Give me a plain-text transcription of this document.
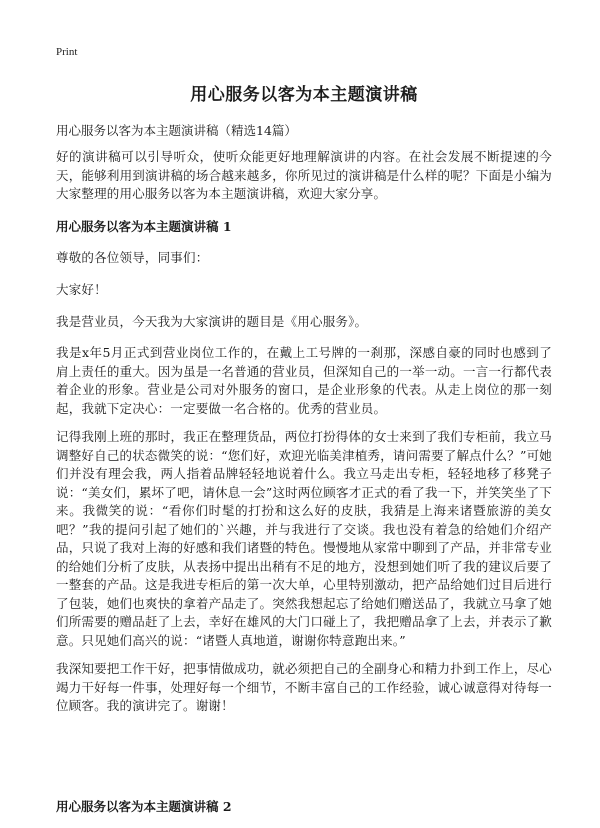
Print
用心服务以客为本主题演讲稿
用心服务以客为本主题演讲稿（精选14篇）

好的演讲稿可以引导听众，使听众能更好地理解演讲的内容。在社会发展不断提速的今天，能够利用到演讲稿的场合越来越多，你所见过的演讲稿是什么样的呢？下面是小编为大家整理的用心服务以客为本主题演讲稿，欢迎大家分享。

用心服务以客为本主题演讲稿 1

尊敬的各位领导，同事们：

大家好！

我是营业员，今天我为大家演讲的题目是《用心服务》。

我是x年5月正式到营业岗位工作的，在戴上工号牌的一刹那，深感自豪的同时也感到了肩上责任的重大。因为虽是一名普通的营业员，但深知自己的一举一动。一言一行都代表着企业的形象。营业是公司对外服务的窗口，是企业形象的代表。从走上岗位的那一刻起，我就下定决心：一定要做一名合格的。优秀的营业员。

记得我刚上班的那时，我正在整理货品，两位打扮得体的女士来到了我们专柜前，我立马调整好自己的状态微笑的说：“您们好，欢迎光临美津植秀，请问需要了解点什么？”可她们并没有理会我，两人指着品牌轻轻地说着什么。我立马走出专柜，轻轻地移了移凳子说：“美女们，累坏了吧，请休息一会”这时两位顾客才正式的看了我一下，并笑笑坐了下来。我微笑的说：“看你们时髦的打扮和这么好的皮肤，我猜是上海来诸暨旅游的美女吧？”我的提问引起了她们的`兴趣，并与我进行了交谈。我也没有着急的给她们介绍产品，只说了我对上海的好感和我们诸暨的特色。慢慢地从家常中聊到了产品，并非常专业的给她们分析了皮肤，从表扬中提出出稍有不足的地方，没想到她们听了我的建议后要了一整套的产品。这是我进专柜后的第一次大单，心里特别激动，把产品给她们过目后进行了包装，她们也爽快的拿着产品走了。突然我想起忘了给她们赠送品了，我就立马拿了她们所需要的赠品赶了上去，幸好在雄风的大门口碰上了，我把赠品拿了上去，并表示了歉意。只见她们高兴的说：“诸暨人真地道，谢谢你特意跑出来。”

我深知要把工作干好，把事情做成功，就必须把自己的全副身心和精力扑到工作上，尽心竭力干好每一件事，处理好每一个细节，不断丰富自己的工作经验，诚心诚意得对待每一位顾客。我的演讲完了。谢谢！

用心服务以客为本主题演讲稿 2
